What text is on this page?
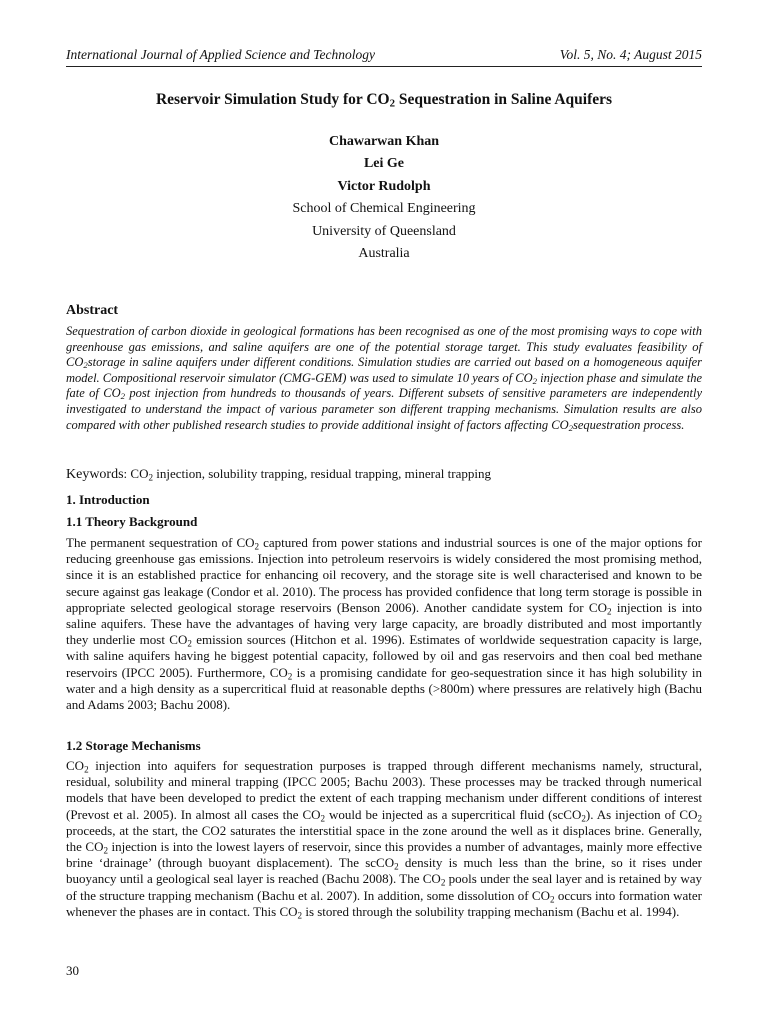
International Journal of Applied Science and Technology	Vol. 5, No. 4; August 2015
Reservoir Simulation Study for $CO_2$ Sequestration in Saline Aquifers
Chawarwan Khan
Lei Ge
Victor Rudolph
School of Chemical Engineering
University of Queensland
Australia
Abstract

Sequestration of carbon dioxide in geological formations has been recognised as one of the most promising ways to cope with greenhouse gas emissions, and saline aquifers are one of the potential storage target. This study evaluates feasibility of $CO_2storage$ in saline aquifers under different conditions. Simulation studies are carried out based on a homogeneous aquifer model. Compositional reservoir simulator (CMG-GEM) was used to simulate 10 years of $CO_2$ injection phase and simulate the fate of $CO_2$ post injection from hundreds to thousands of years. Different subsets of sensitive parameters are independently investigated to understand the impact of various parameter son different trapping mechanisms. Simulation results are also compared with other published research studies to provide additional insight of factors affecting $CO_2sequestration$ process.

Keywords: $CO_2$ injection, solubility trapping, residual trapping, mineral trapping

1. Introduction
1.1 Theory Background

The permanent sequestration of $CO_2$ captured from power stations and industrial sources is one of the major options for reducing greenhouse gas emissions. Injection into petroleum reservoirs is widely considered the most promising method, since it is an established practice for enhancing oil recovery, and the storage site is well characterised and known to be secure against gas leakage (Condor et al. 2010). The process has provided confidence that long term storage is possible in appropriate selected geological storage reservoirs (Benson 2006). Another candidate system for $CO_2$ injection is into saline aquifers. These have the advantages of having very large capacity, are broadly distributed and most importantly they underlie most $CO_2$ emission sources (Hitchon et al. 1996). Estimates of worldwide sequestration capacity is large, with saline aquifers having he biggest potential capacity, followed by oil and gas reservoirs and then coal bed methane reservoirs (IPCC 2005). Furthermore, $CO_2$ is a promising candidate for geo-sequestration since it has high solubility in water and a high density as a supercritical fluid at reasonable depths (>800m) where pressures are relatively high (Bachu and Adams 2003; Bachu 2008).

1.2 Storage Mechanisms

$CO_2$ injection into aquifers for sequestration purposes is trapped through different mechanisms namely, structural, residual, solubility and mineral trapping (IPCC 2005; Bachu 2003). These processes may be tracked through numerical models that have been developed to predict the extent of each trapping mechanism under different conditions of interest (Prevost et al. 2005). In almost all cases the $CO_2$ would be injected as a supercritical fluid (scCO$_2$). As injection of $CO_2$ proceeds, at the start, the CO2 saturates the interstitial space in the zone around the well as it displaces brine. Generally, the $CO_2$ injection is into the lowest layers of reservoir, since this provides a number of advantages, mainly more effective brine ‘drainage’ (through buoyant displacement). The scCO$_2$ density is much less than the brine, so it rises under buoyancy until a geological seal layer is reached (Bachu 2008). The $CO_2$ pools under the seal layer and is retained by way of the structure trapping mechanism (Bachu et al. 2007). In addition, some dissolution of $CO_2$ occurs into formation water whenever the phases are in contact. This $CO_2$ is stored through the solubility trapping mechanism (Bachu et al. 1994).

30
